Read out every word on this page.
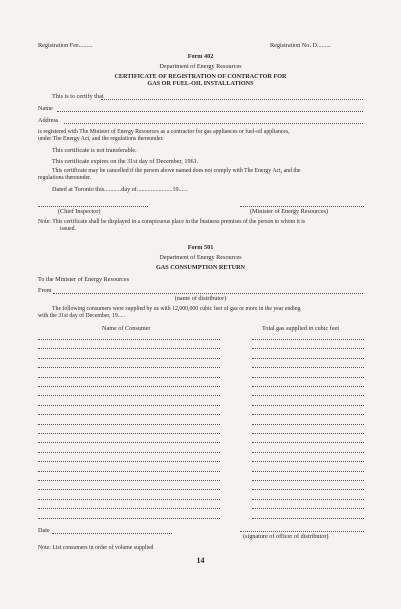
Registration Fee.........	Registration No. D.........
Form 402
Department of Energy Resources
CERTIFICATE OF REGISTRATION OF CONTRACTOR FOR
GAS OR FUEL-OIL INSTALLATIONS
This is to certify that
Name
Address
is registered with The Minister of Energy Resources as a contractor for gas appliances or fuel-oil appliances,
under The Energy Act, and the regulations thereunder.
This certificate is not transferable.
This certificate expires on the 31st day of December, 1961.
This certificate may be cancelled if the person above named does not comply with The Energy Act, and the
regulations thereunder.
Dated at Toronto this...........day of.......................19......
(Chief Inspector)	(Minister of Energy Resources)
Note: This certificate shall be displayed in a conspicuous place in the business premises of the person to whom it is
issued.
Form 501
Department of Energy Resources
GAS CONSUMPTION RETURN
To the Minister of Energy Resources
From
(name of distributor)
The following consumers were supplied by us with 12,000,000 cubic feet of gas or more in the year ending
with the 31st day of December, 19.....
Name of Consumer	Total gas supplied in cubic feet
Date
(signature of officer of distributor)
Note: List consumers in order of volume supplied
14
